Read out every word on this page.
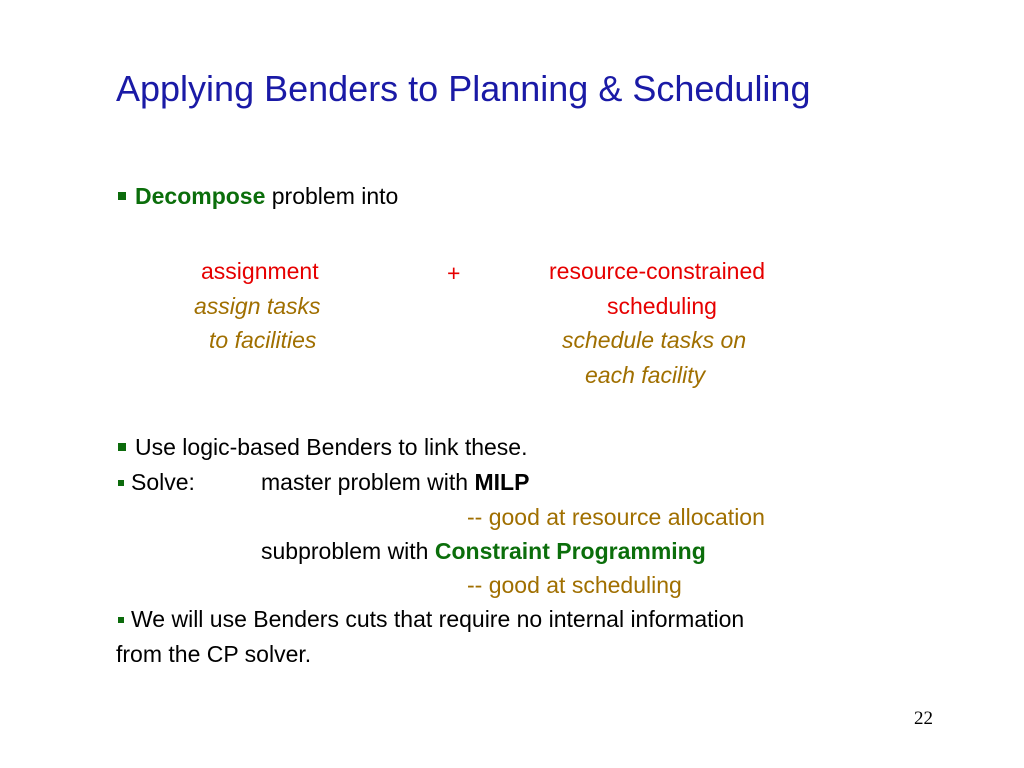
Applying Benders to Planning & Scheduling
Decompose problem into
assignment
assign tasks
to facilities
+	resource-constrained
scheduling
schedule tasks on
each facility
Use logic-based Benders to link these.
Solve:	master problem with MILP
-- good at resource allocation
subproblem with Constraint Programming
-- good at scheduling
We will use Benders cuts that require no internal information
from the CP solver.
22
